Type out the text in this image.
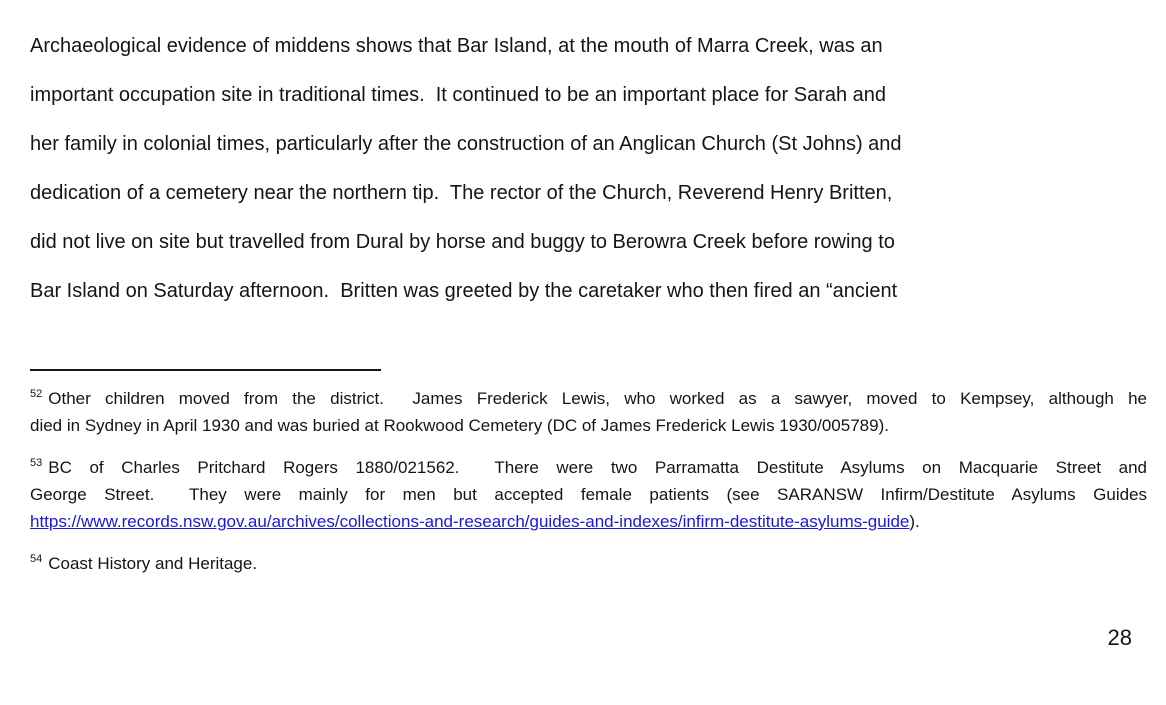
Archaeological evidence of middens shows that Bar Island, at the mouth of Marra Creek, was an
important occupation site in traditional times.  It continued to be an important place for Sarah and
her family in colonial times, particularly after the construction of an Anglican Church (St Johns) and
dedication of a cemetery near the northern tip.  The rector of the Church, Reverend Henry Britten,
did not live on site but travelled from Dural by horse and buggy to Berowra Creek before rowing to
Bar Island on Saturday afternoon.  Britten was greeted by the caretaker who then fired an “ancient
$^{52}$ Other children moved from the district.  James Frederick Lewis, who worked as a sawyer, moved to Kempsey, although he
died in Sydney in April 1930 and was buried at Rookwood Cemetery (DC of James Frederick Lewis 1930/005789).
$^{53}$ BC of Charles Pritchard Rogers 1880/021562.  There were two Parramatta Destitute Asylums on Macquarie Street and
George Street.  They were mainly for men but accepted female patients (see SARANSW Infirm/Destitute Asylums Guides
https://www.records.nsw.gov.au/archives/collections-and-research/guides-and-indexes/infirm-destitute-asylums-guide).
$^{54}$ Coast History and Heritage.
28
